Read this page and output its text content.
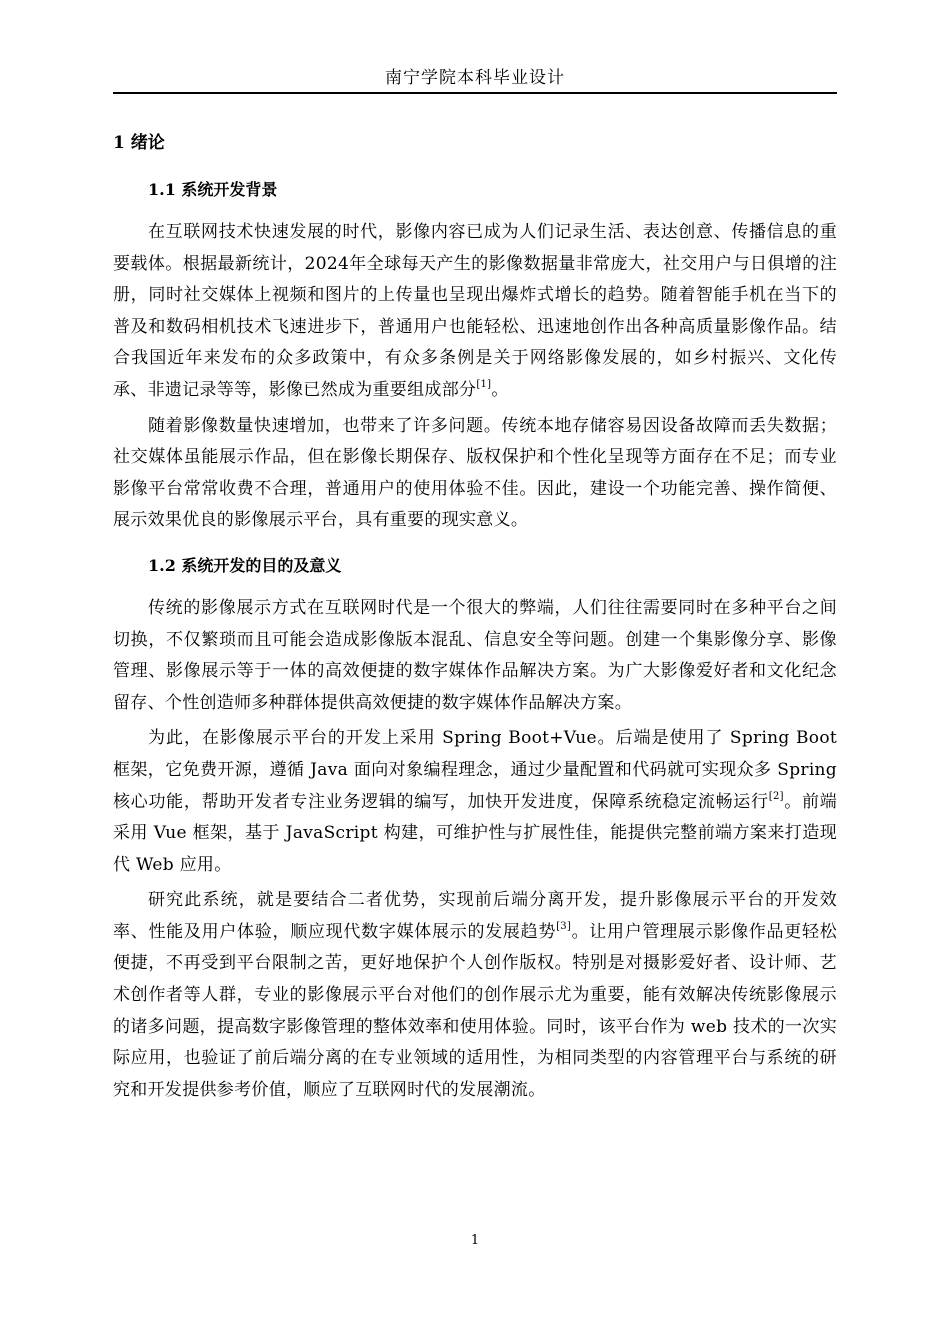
南宁学院本科毕业设计
1 绪论
1.1 系统开发背景

在互联网技术快速发展的时代，影像内容已成为人们记录生活、表达创意、传播信息的重要载体。根据最新统计，2024年全球每天产生的影像数据量非常庞大，社交用户与日俱增的注册，同时社交媒体上视频和图片的上传量也呈现出爆炸式增长的趋势。随着智能手机在当下的普及和数码相机技术飞速进步下，普通用户也能轻松、迅速地创作出各种高质量影像作品。结合我国近年来发布的众多政策中，有众多条例是关于网络影像发展的，如乡村振兴、文化传承、非遗记录等等，影像已然成为重要组成部分[1]。

随着影像数量快速增加，也带来了许多问题。传统本地存储容易因设备故障而丢失数据；社交媒体虽能展示作品，但在影像长期保存、版权保护和个性化呈现等方面存在不足；而专业影像平台常常收费不合理，普通用户的使用体验不佳。因此，建设一个功能完善、操作简便、展示效果优良的影像展示平台，具有重要的现实意义。

1.2 系统开发的目的及意义

传统的影像展示方式在互联网时代是一个很大的弊端，人们往往需要同时在多种平台之间切换，不仅繁琐而且可能会造成影像版本混乱、信息安全等问题。创建一个集影像分享、影像管理、影像展示等于一体的高效便捷的数字媒体作品解决方案。为广大影像爱好者和文化纪念留存、个性创造师多种群体提供高效便捷的数字媒体作品解决方案。

为此，在影像展示平台的开发上采用 Spring Boot+Vue。后端是使用了 Spring Boot 框架，它免费开源，遵循 Java 面向对象编程理念，通过少量配置和代码就可实现众多 Spring 核心功能，帮助开发者专注业务逻辑的编写，加快开发进度，保障系统稳定流畅运行[2]。前端采用 Vue 框架，基于 JavaScript 构建，可维护性与扩展性佳，能提供完整前端方案来打造现代 Web 应用。

研究此系统，就是要结合二者优势，实现前后端分离开发，提升影像展示平台的开发效率、性能及用户体验，顺应现代数字媒体展示的发展趋势[3]。让用户管理展示影像作品更轻松便捷，不再受到平台限制之苦，更好地保护个人创作版权。特别是对摄影爱好者、设计师、艺术创作者等人群，专业的影像展示平台对他们的创作展示尤为重要，能有效解决传统影像展示的诸多问题，提高数字影像管理的整体效率和使用体验。同时，该平台作为 web 技术的一次实际应用，也验证了前后端分离的在专业领域的适用性，为相同类型的内容管理平台与系统的研究和开发提供参考价值，顺应了互联网时代的发展潮流。

1
